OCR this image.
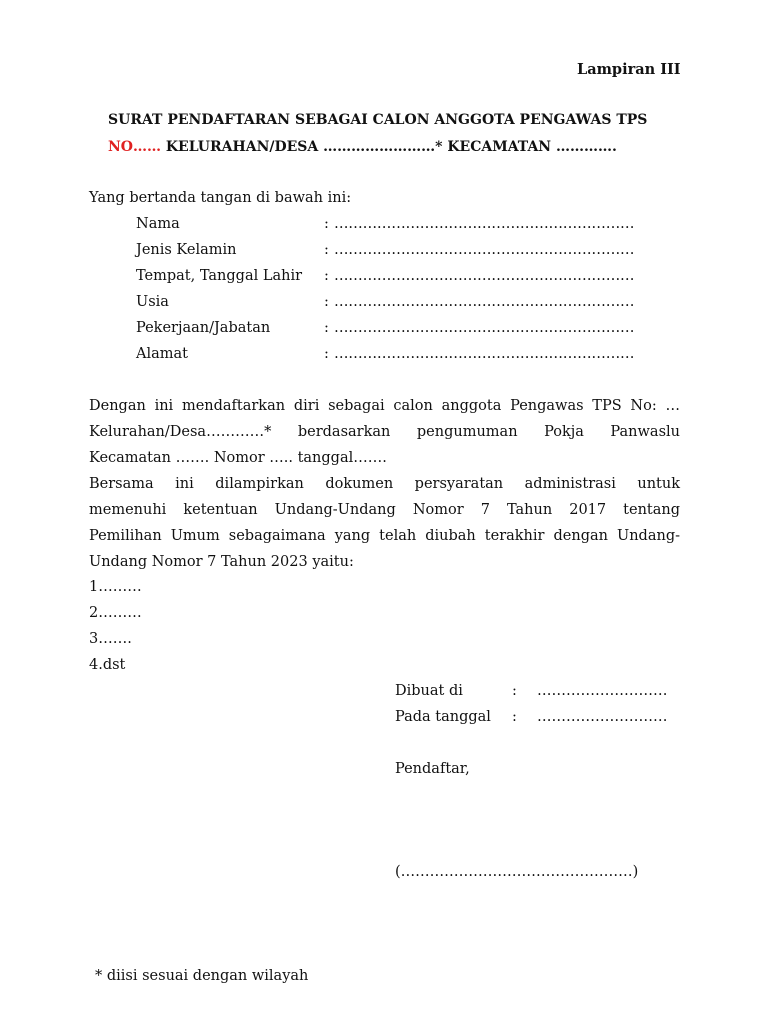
Lampiran III
SURAT PENDAFTARAN SEBAGAI CALON ANGGOTA PENGAWAS TPS
NO…… KELURAHAN/DESA ……………………* KECAMATAN ………….
Yang bertanda tangan di bawah ini:
Nama	: ………………………………………………………
Jenis Kelamin	: ………………………………………………………
Tempat, Tanggal Lahir : ………………………………………………………
Usia	: ………………………………………………………
Pekerjaan/Jabatan	: ………………………………………………………
Alamat	: ………………………………………………………
Dengan ini mendaftarkan diri sebagai calon anggota Pengawas TPS No: …
Kelurahan/Desa…………* berdasarkan pengumuman Pokja Panwaslu
Kecamatan ……. Nomor ….. tanggal…….
Bersama ini dilampirkan dokumen persyaratan administrasi untuk
memenuhi ketentuan Undang-Undang Nomor 7 Tahun 2017 tentang
Pemilihan Umum sebagaimana yang telah diubah terakhir dengan Undang-
Undang Nomor 7 Tahun 2023 yaitu:
1………
2………
3…….
4.dst
Dibuat di	: ………………………
Pada tanggal : ………………………
Pendaftar,
(…………………………………………)
* diisi sesuai dengan wilayah
